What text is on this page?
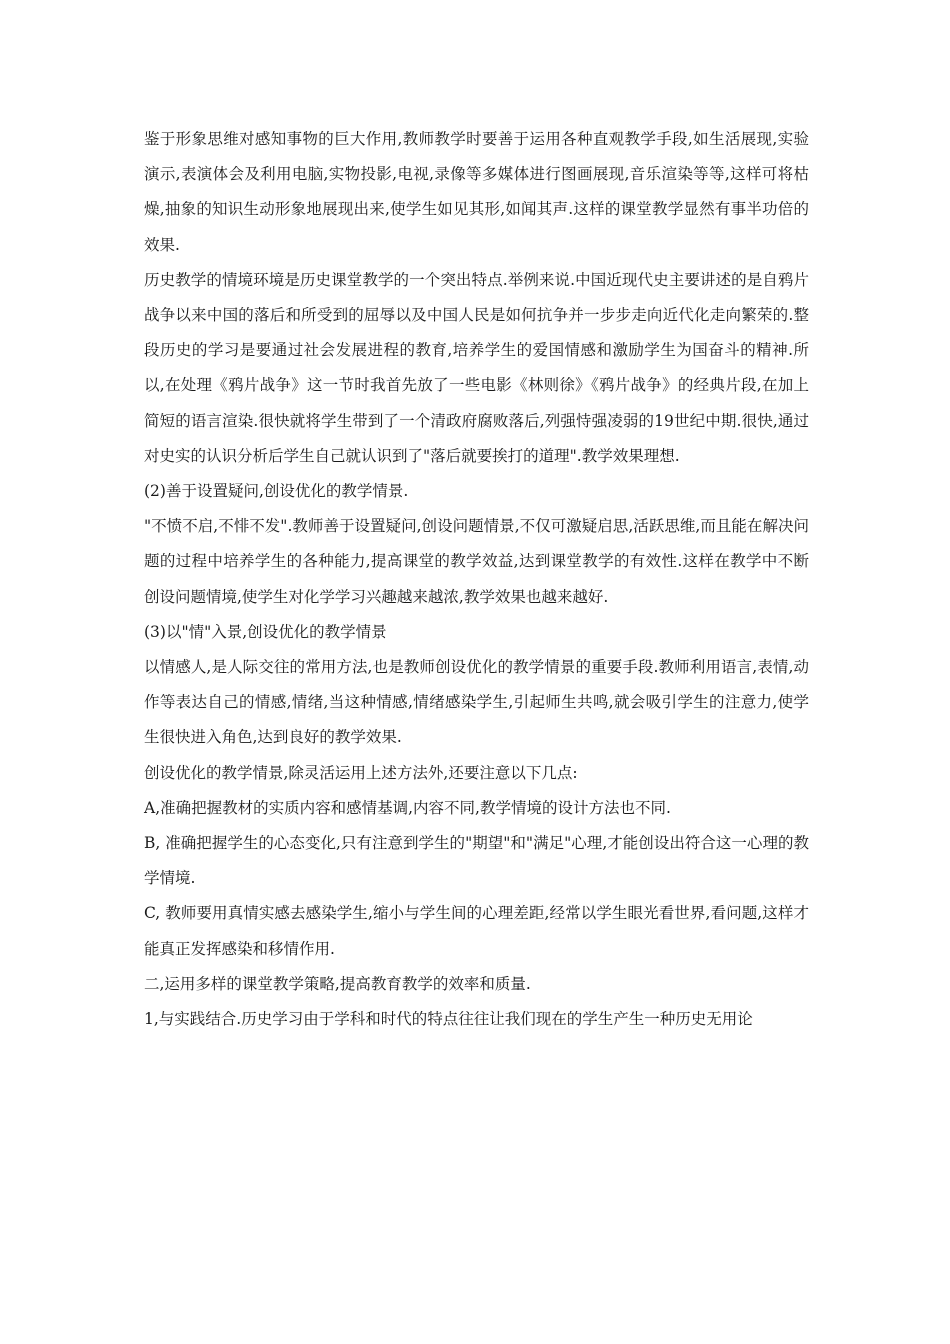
鉴于形象思维对感知事物的巨大作用,教师教学时要善于运用各种直观教学手段,如生活展现,实验演示,表演体会及利用电脑,实物投影,电视,录像等多媒体进行图画展现,音乐渲染等等,这样可将枯燥,抽象的知识生动形象地展现出来,使学生如见其形,如闻其声.这样的课堂教学显然有事半功倍的效果.

历史教学的情境环境是历史课堂教学的一个突出特点.举例来说.中国近现代史主要讲述的是自鸦片战争以来中国的落后和所受到的屈辱以及中国人民是如何抗争并一步步走向近代化走向繁荣的.整段历史的学习是要通过社会发展进程的教育,培养学生的爱国情感和激励学生为国奋斗的精神.所以,在处理《鸦片战争》这一节时我首先放了一些电影《林则徐》《鸦片战争》的经典片段,在加上简短的语言渲染.很快就将学生带到了一个清政府腐败落后,列强恃强凌弱的19世纪中期.很快,通过对史实的认识分析后学生自己就认识到了"落后就要挨打的道理".教学效果理想.

(2)善于设置疑问,创设优化的教学情景.

"不愤不启,不悱不发".教师善于设置疑问,创设问题情景,不仅可激疑启思,活跃思维,而且能在解决问题的过程中培养学生的各种能力,提高课堂的教学效益,达到课堂教学的有效性.这样在教学中不断创设问题情境,使学生对化学学习兴趣越来越浓,教学效果也越来越好.

(3)以"情"入景,创设优化的教学情景

以情感人,是人际交往的常用方法,也是教师创设优化的教学情景的重要手段.教师利用语言,表情,动作等表达自己的情感,情绪,当这种情感,情绪感染学生,引起师生共鸣,就会吸引学生的注意力,使学生很快进入角色,达到良好的教学效果.

创设优化的教学情景,除灵活运用上述方法外,还要注意以下几点:

A,准确把握教材的实质内容和感情基调,内容不同,教学情境的设计方法也不同.

B, 准确把握学生的心态变化,只有注意到学生的"期望"和"满足"心理,才能创设出符合这一心理的教学情境.

C, 教师要用真情实感去感染学生,缩小与学生间的心理差距,经常以学生眼光看世界,看问题,这样才能真正发挥感染和移情作用.

二,运用多样的课堂教学策略,提高教育教学的效率和质量.

1,与实践结合.历史学习由于学科和时代的特点往往让我们现在的学生产生一种历史无用论
